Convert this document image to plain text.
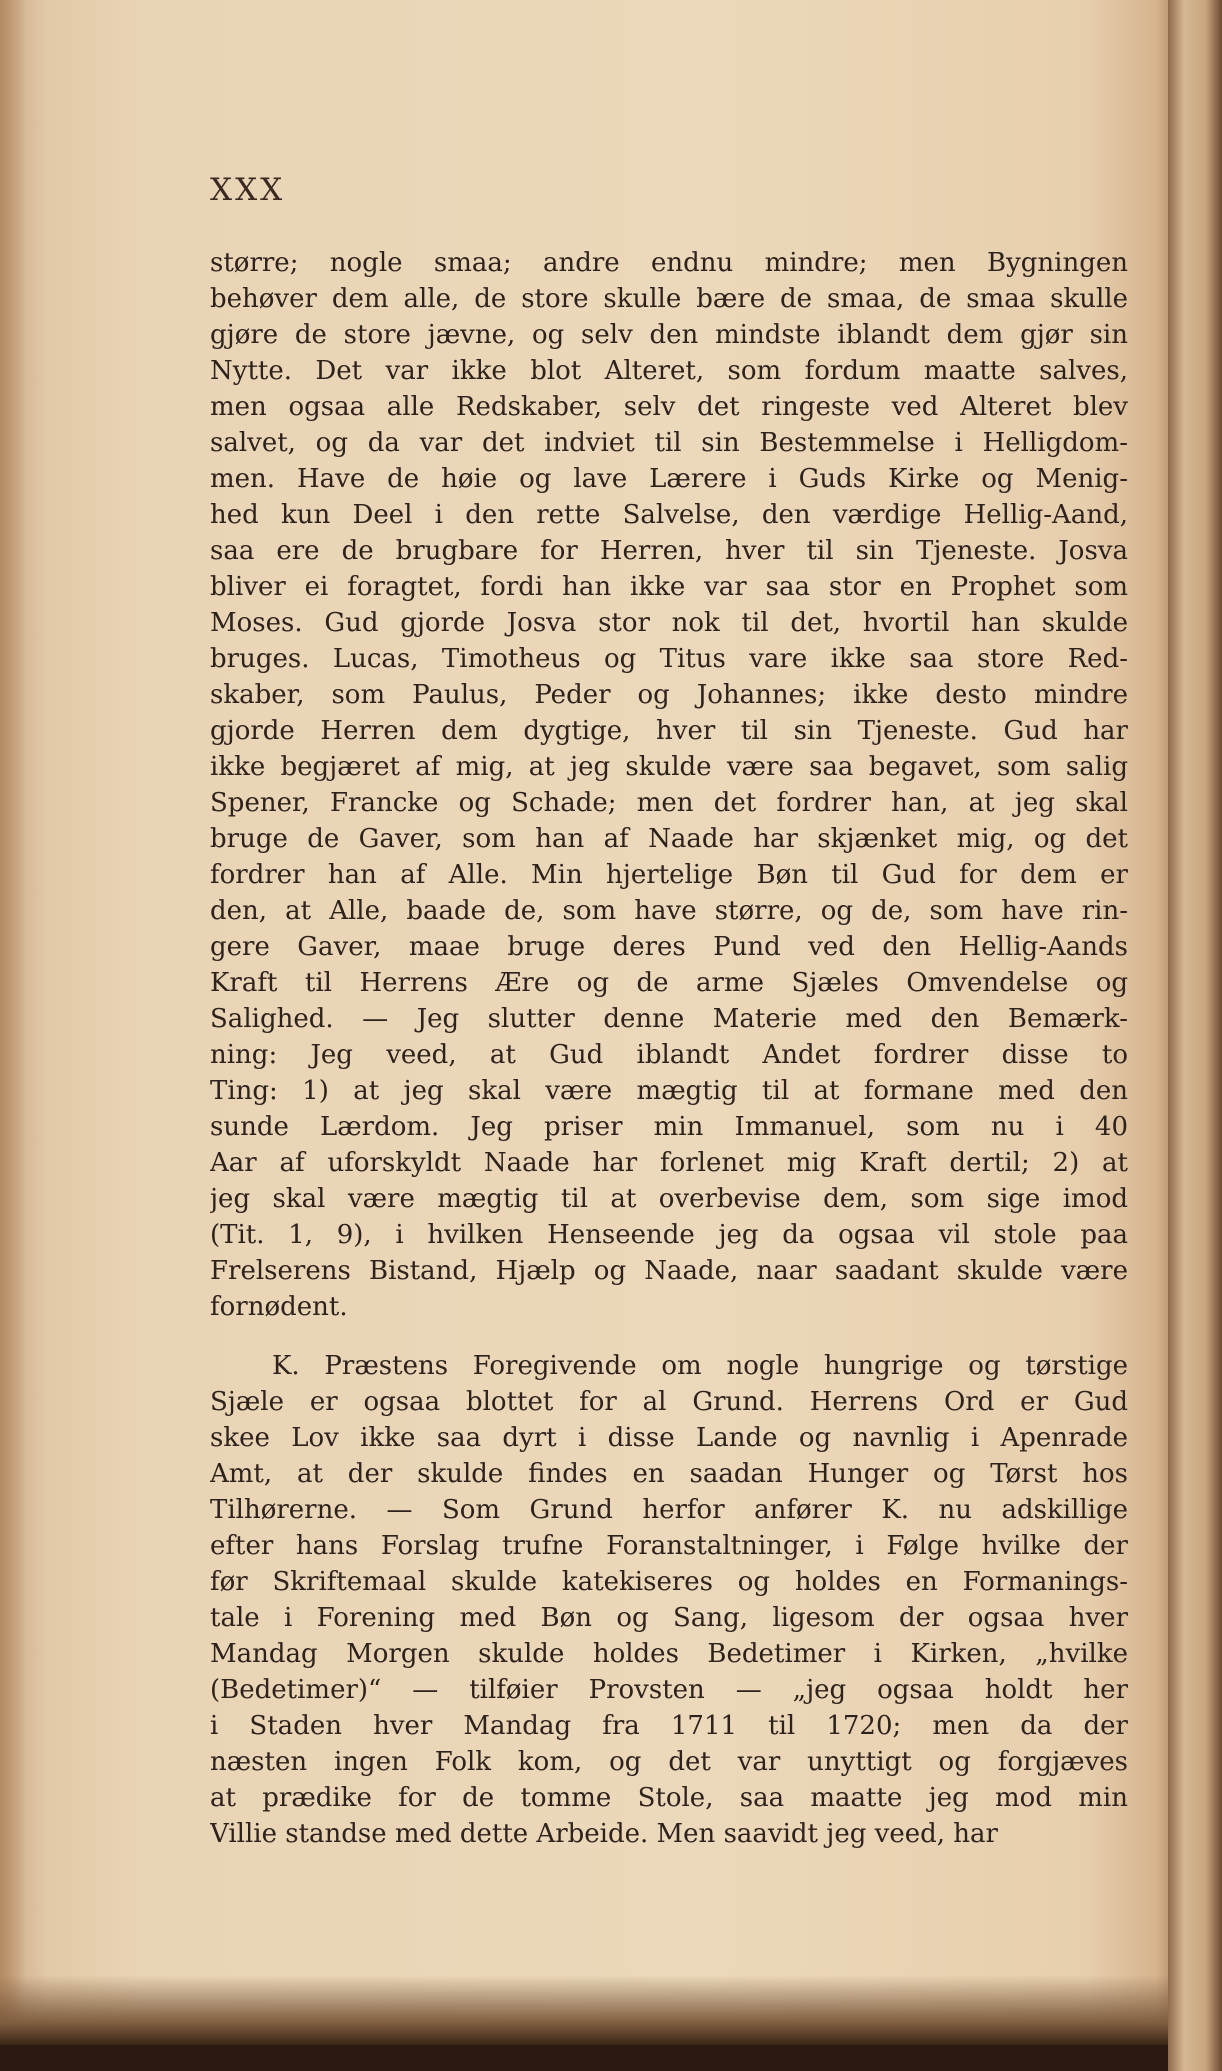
XXX
større; nogle smaa; andre endnu mindre; men Bygningen
behøver dem alle, de store skulle bære de smaa, de smaa skulle
gjøre de store jævne, og selv den mindste iblandt dem gjør sin
Nytte. Det var ikke blot Alteret, som fordum maatte salves,
men ogsaa alle Redskaber, selv det ringeste ved Alteret blev
salvet, og da var det indviet til sin Bestemmelse i Helligdom-
men. Have de høie og lave Lærere i Guds Kirke og Menig-
hed kun Deel i den rette Salvelse, den værdige Hellig-Aand,
saa ere de brugbare for Herren, hver til sin Tjeneste. Josva
bliver ei foragtet, fordi han ikke var saa stor en Prophet som
Moses. Gud gjorde Josva stor nok til det, hvortil han skulde
bruges. Lucas, Timotheus og Titus vare ikke saa store Red-
skaber, som Paulus, Peder og Johannes; ikke desto mindre
gjorde Herren dem dygtige, hver til sin Tjeneste. Gud har
ikke begjæret af mig, at jeg skulde være saa begavet, som salig
Spener, Francke og Schade; men det fordrer han, at jeg skal
bruge de Gaver, som han af Naade har skjænket mig, og det
fordrer han af Alle. Min hjertelige Bøn til Gud for dem er
den, at Alle, baade de, som have større, og de, som have rin-
gere Gaver, maae bruge deres Pund ved den Hellig-Aands
Kraft til Herrens Ære og de arme Sjæles Omvendelse og
Salighed. — Jeg slutter denne Materie med den Bemærk-
ning: Jeg veed, at Gud iblandt Andet fordrer disse to
Ting: 1) at jeg skal være mægtig til at formane med den
sunde Lærdom. Jeg priser min Immanuel, som nu i 40
Aar af uforskyldt Naade har forlenet mig Kraft dertil; 2) at
jeg skal være mægtig til at overbevise dem, som sige imod
(Tit. 1, 9), i hvilken Henseende jeg da ogsaa vil stole paa
Frelserens Bistand, Hjælp og Naade, naar saadant skulde være
fornødent.
K. Præstens Foregivende om nogle hungrige og tørstige
Sjæle er ogsaa blottet for al Grund. Herrens Ord er Gud
skee Lov ikke saa dyrt i disse Lande og navnlig i Apenrade
Amt, at der skulde findes en saadan Hunger og Tørst hos
Tilhørerne. — Som Grund herfor anfører K. nu adskillige
efter hans Forslag trufne Foranstaltninger, i Følge hvilke der
før Skriftemaal skulde katekiseres og holdes en Formanings-
tale i Forening med Bøn og Sang, ligesom der ogsaa hver
Mandag Morgen skulde holdes Bedetimer i Kirken, „hvilke
(Bedetimer)“ — tilføier Provsten — „jeg ogsaa holdt her
i Staden hver Mandag fra 1711 til 1720; men da der
næsten ingen Folk kom, og det var unyttigt og forgjæves
at prædike for de tomme Stole, saa maatte jeg mod min
Villie standse med dette Arbeide. Men saavidt jeg veed, har
